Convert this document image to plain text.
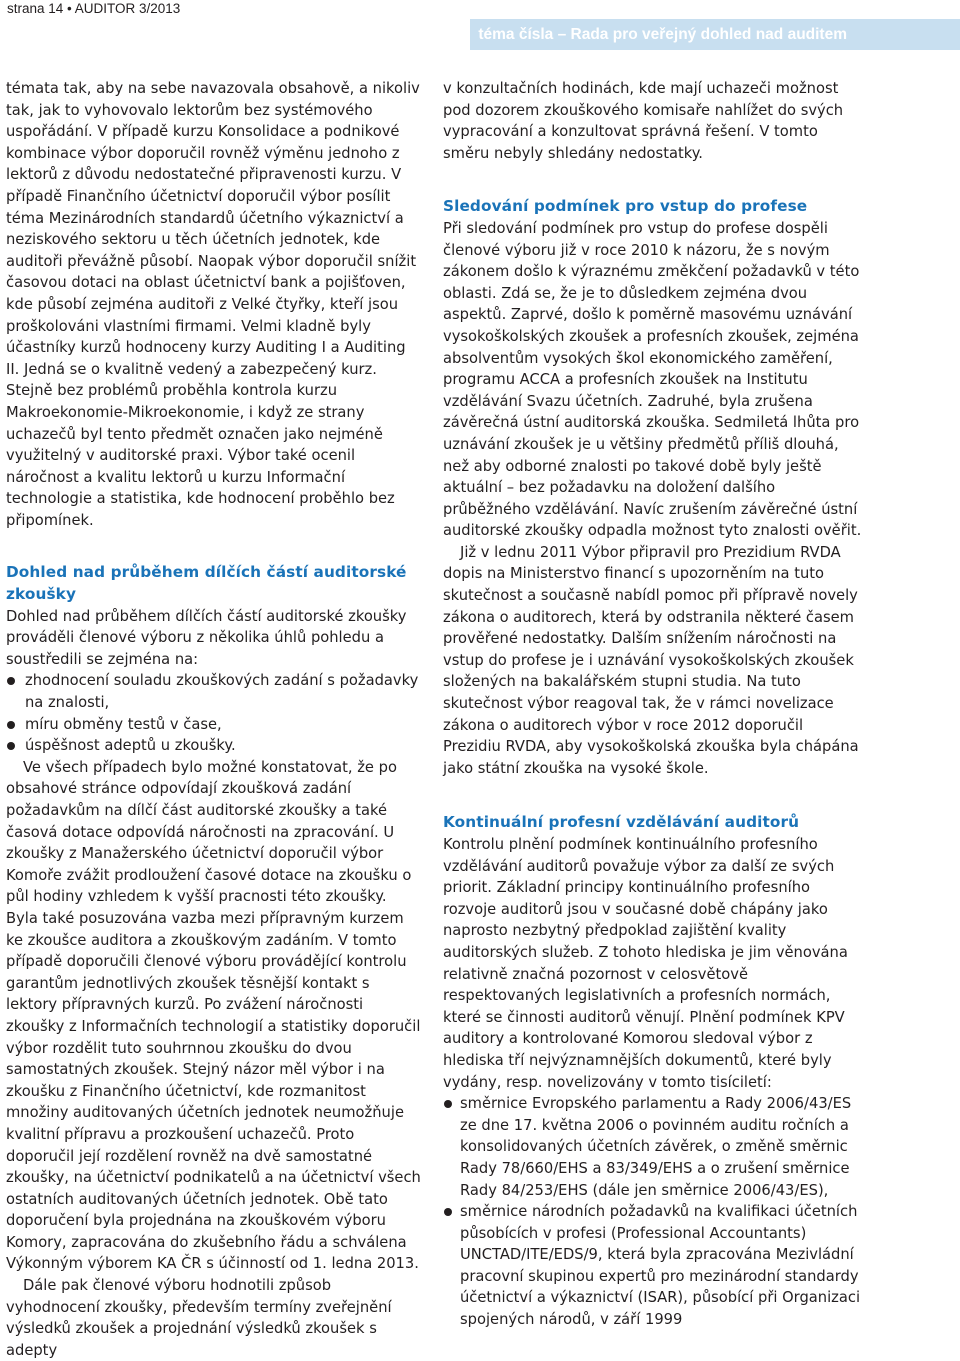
strana 14 • AUDITOR 3/2013
téma čísla – Rada pro veřejný dohled nad auditem

témata tak, aby na sebe navazovala obsahově, a nikoliv tak, jak to vyhovovalo lektorům bez systémového uspořádání. V případě kurzu Konsolidace a podnikové kombinace výbor doporučil rovněž výměnu jednoho z lektorů z důvodu nedostatečné připravenosti kurzu. V případě Finančního účetnictví doporučil výbor posílit téma Mezinárodních standardů účetního výkaznictví a neziskového sektoru u těch účetních jednotek, kde auditoři převážně působí. Naopak výbor doporučil snížit časovou dotaci na oblast účetnictví bank a pojišťoven, kde působí zejména auditoři z Velké čtyřky, kteří jsou proškolováni vlastními firmami. Velmi kladně byly účastníky kurzů hodnoceny kurzy Auditing I a Auditing II. Jedná se o kvalitně vedený a zabezpečený kurz. Stejně bez problémů proběhla kontrola kurzu Makroekonomie-Mikroekonomie, i když ze strany uchazečů byl tento předmět označen jako nejméně využitelný v auditorské praxi. Výbor také ocenil náročnost a kvalitu lektorů u kurzu Informační technologie a statistika, kde hodnocení proběhlo bez připomínek.

Dohled nad průběhem dílčích částí auditorské zkoušky

Dohled nad průběhem dílčích částí auditorské zkoušky prováděli členové výboru z několika úhlů pohledu a soustředili se zejména na:

zhodnocení souladu zkouškových zadání s požadavky na znalosti,
míru obměny testů v čase,
úspěšnost adeptů u zkoušky.

Ve všech případech bylo možné konstatovat, že po obsahové stránce odpovídají zkoušková zadání požadavkům na dílčí část auditorské zkoušky a také časová dotace odpovídá náročnosti na zpracování. U zkoušky z Manažerského účetnictví doporučil výbor Komoře zvážit prodloužení časové dotace na zkoušku o půl hodiny vzhledem k vyšší pracnosti této zkoušky. Byla také posuzována vazba mezi přípravným kurzem ke zkoušce auditora a zkouškovým zadáním. V tomto případě doporučili členové výboru provádějící kontrolu garantům jednotlivých zkoušek těsnější kontakt s lektory přípravných kurzů. Po zvážení náročnosti zkoušky z Informačních technologií a statistiky doporučil výbor rozdělit tuto souhrnnou zkoušku do dvou samostatných zkoušek. Stejný názor měl výbor i na zkoušku z Finančního účetnictví, kde rozmanitost množiny auditovaných účetních jednotek neumožňuje kvalitní přípravu a prozkoušení uchazečů. Proto doporučil její rozdělení rovněž na dvě samostatné zkoušky, na účetnictví podnikatelů a na účetnictví všech ostatních auditovaných účetních jednotek. Obě tato doporučení byla projednána na zkouškovém výboru Komory, zapracována do zkušebního řádu a schválena Výkonným výborem KA ČR s účinností od 1. ledna 2013.

Dále pak členové výboru hodnotili způsob vyhodnocení zkoušky, především termíny zveřejnění výsledků zkoušek a projednání výsledků zkoušek s adepty

v konzultačních hodinách, kde mají uchazeči možnost pod dozorem zkouškového komisaře nahlížet do svých vypracování a konzultovat správná řešení. V tomto směru nebyly shledány nedostatky.

Sledování podmínek pro vstup do profese

Při sledování podmínek pro vstup do profese dospěli členové výboru již v roce 2010 k názoru, že s novým zákonem došlo k výraznému změkčení požadavků v této oblasti. Zdá se, že je to důsledkem zejména dvou aspektů. Zaprvé, došlo k poměrně masovému uznávání vysokoškolských zkoušek a profesních zkoušek, zejména absolventům vysokých škol ekonomického zaměření, programu ACCA a profesních zkoušek na Institutu vzdělávání Svazu účetních. Zadruhé, byla zrušena závěrečná ústní auditorská zkouška. Sedmiletá lhůta pro uznávání zkoušek je u většiny předmětů příliš dlouhá, než aby odborné znalosti po takové době byly ještě aktuální – bez požadavku na doložení dalšího průběžného vzdělávání. Navíc zrušením závěrečné ústní auditorské zkoušky odpadla možnost tyto znalosti ověřit.

Již v lednu 2011 Výbor připravil pro Prezidium RVDA dopis na Ministerstvo financí s upozorněním na tuto skutečnost a současně nabídl pomoc při přípravě novely zákona o auditorech, která by odstranila některé časem prověřené nedostatky. Dalším snížením náročnosti na vstup do profese je i uznávání vysokoškolských zkoušek složených na bakalářském stupni studia. Na tuto skutečnost výbor reagoval tak, že v rámci novelizace zákona o auditorech výbor v roce 2012 doporučil Prezidiu RVDA, aby vysokoškolská zkouška byla chápána jako státní zkouška na vysoké škole.

Kontinuální profesní vzdělávání auditorů

Kontrolu plnění podmínek kontinuálního profesního vzdělávání auditorů považuje výbor za další ze svých priorit. Základní principy kontinuálního profesního rozvoje auditorů jsou v současné době chápány jako naprosto nezbytný předpoklad zajištění kvality auditorských služeb. Z tohoto hlediska je jim věnována relativně značná pozornost v celosvětově respektovaných legislativních a profesních normách, které se činnosti auditorů věnují. Plnění podmínek KPV auditory a kontrolované Komorou sledoval výbor z hlediska tří nejvýznamnějších dokumentů, které byly vydány, resp. novelizovány v tomto tisíciletí:

směrnice Evropského parlamentu a Rady 2006/43/ES ze dne 17. května 2006 o povinném auditu ročních a konsolidovaných účetních závěrek, o změně směrnic Rady 78/660/EHS a 83/349/EHS a o zrušení směrnice Rady 84/253/EHS (dále jen směrnice 2006/43/ES),
směrnice národních požadavků na kvalifikaci účetních působících v profesi (Professional Accountants) UNCTAD/ITE/EDS/9, která byla zpracována Mezivládní pracovní skupinou expertů pro mezinárodní standardy účetnictví a výkaznictví (ISAR), působící při Organizaci spojených národů, v září 1999
